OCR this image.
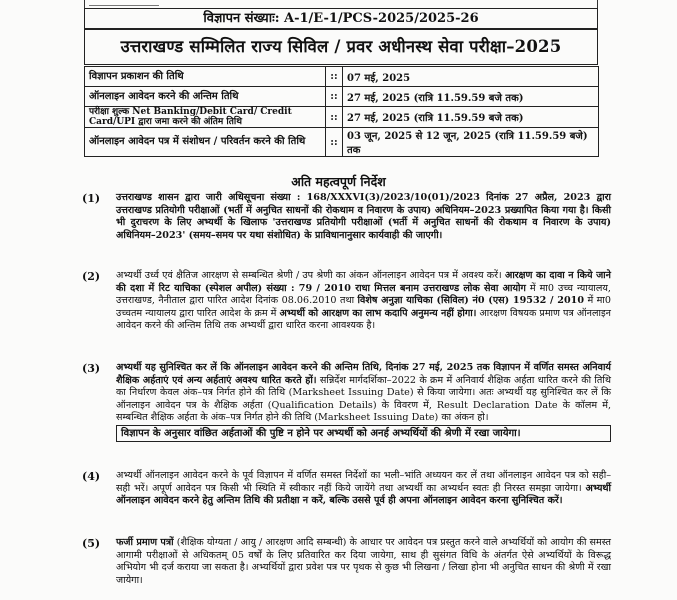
विज्ञापन संख्याः: A-1/E-1/PCS-2025/2025-26
उत्तराखण्ड सम्मिलित राज्य सिविल / प्रवर अधीनस्थ सेवा परीक्षा–2025
विज्ञापन प्रकाशन की तिथि	::	07 मई, 2025
ऑनलाइन आवेदन करने की अन्तिम तिथि	::	27 मई, 2025 (रात्रि 11.59.59 बजे तक)
परीक्षा शुल्क Net Banking/Debit Card/ Credit Card/UPI द्वारा जमा करने की अंतिम तिथि	::	27 मई, 2025 (रात्रि 11.59.59 बजे तक)
ऑनलाइन आवेदन पत्र में संशोधन / परिवर्तन करने की तिथि	::	03 जून, 2025 से 12 जून, 2025 (रात्रि 11.59.59 बजे) तक
अति महत्वपूर्ण निर्देश
(1) उत्तराखण्ड शासन द्वारा जारी अधिसूचना संख्या : 168/XXXVI(3)/2023/10(01)/2023 दिनांक 27 अप्रैल, 2023 द्वारा उत्तराखण्ड प्रतियोगी परीक्षाओं (भर्ती में अनुचित साधनों की रोकथाम व निवारण के उपाय) अधिनियम–2023 प्रख्यापित किया गया है। किसी भी दुराचरण के लिए अभ्यर्थी के खिलाफ 'उत्तराखण्ड प्रतियोगी परीक्षाओं (भर्ती में अनुचित साधनों की रोकथाम व निवारण के उपाय) अधिनियम–2023' (समय–समय पर यथा संशोधित) के प्राविधानानुसार कार्यवाही की जाएगी।
(2) अभ्यर्थी उर्ध्व एवं क्षैतिज आरक्षण से सम्बन्धित श्रेणी / उप श्रेणी का अंकन ऑनलाइन आवेदन पत्र में अवश्य करें। आरक्षण का दावा न किये जाने की दशा में रिट याचिका (स्पेशल अपील) संख्या : 79 / 2010 राधा मित्तल बनाम उत्तराखण्ड लोक सेवा आयोग में मा0 उच्च न्यायालय, उत्तराखण्ड, नैनीताल द्वारा पारित आदेश दिनांक 08.06.2010 तथा विशेष अनुज्ञा याचिका (सिविल) नं0 (एस) 19532 / 2010 में मा0 उच्चतम न्यायालय द्वारा पारित आदेश के क्रम में अभ्यर्थी को आरक्षण का लाभ कदापि अनुमन्य नहीं होगा। आरक्षण विषयक प्रमाण पत्र ऑनलाइन आवेदन करने की अन्तिम तिथि तक अभ्यर्थी द्वारा धारित करना आवश्यक है।
(3) अभ्यर्थी यह सुनिश्चित कर लें कि ऑनलाइन आवेदन करने की अन्तिम तिथि, दिनांक 27 मई, 2025 तक विज्ञापन में वर्णित समस्त अनिवार्य शैक्षिक अर्हताएं एवं अन्य अर्हताएं अवश्य धारित करते हों। सन्निर्देश मार्गदर्शिका–2022 के क्रम में अनिवार्य शैक्षिक अर्हता धारित करने की तिथि का निर्धारण केवल अंक–पत्र निर्गत होने की तिथि (Marksheet Issuing Date) से किया जायेगा। अतः अभ्यर्थी यह सुनिश्चित कर लें कि ऑनलाइन आवेदन पत्र के शैक्षिक अर्हता (Qualification Details) के विवरण में, Result Declaration Date के कॉलम में, सम्बन्धित शैक्षिक अर्हता के अंक–पत्र निर्गत होने की तिथि (Marksheet Issuing Date) का अंकन हो।
विज्ञापन के अनुसार वांछित अर्हताओं की पुष्टि न होने पर अभ्यर्थी को अनर्ह अभ्यर्थियों की श्रेणी में रखा जायेगा।
(4) अभ्यर्थी ऑनलाइन आवेदन करने के पूर्व विज्ञापन में वर्णित समस्त निर्देशों का भली–भांति अध्ययन कर लें तथा ऑनलाइन आवेदन पत्र को सही–सही भरें। अपूर्ण आवेदन पत्र किसी भी स्थिति में स्वीकार नहीं किये जायेंगे तथा अभ्यर्थी का अभ्यर्थन स्वतः ही निरस्त समझा जायेगा। अभ्यर्थी ऑनलाइन आवेदन करने हेतु अन्तिम तिथि की प्रतीक्षा न करें, बल्कि उससे पूर्व ही अपना ऑनलाइन आवेदन करना सुनिश्चित करें।
(5) फर्जी प्रमाण पत्रों (शैक्षिक योग्यता / आयु / आरक्षण आदि सम्बन्धी) के आधार पर आवेदन पत्र प्रस्तुत करने वाले अभ्यर्थियों को आयोग की समस्त आगामी परीक्षाओं से अधिकतम् 05 वर्षों के लिए प्रतिवारित कर दिया जायेगा, साथ ही सुसंगत विधि के अंतर्गत ऐसे अभ्यर्थियों के विरूद्ध अभियोग भी दर्ज कराया जा सकता है। अभ्यर्थियों द्वारा प्रवेश पत्र पर पृथक से कुछ भी लिखना / लिखा होना भी अनुचित साधन की श्रेणी में रखा जायेगा।
